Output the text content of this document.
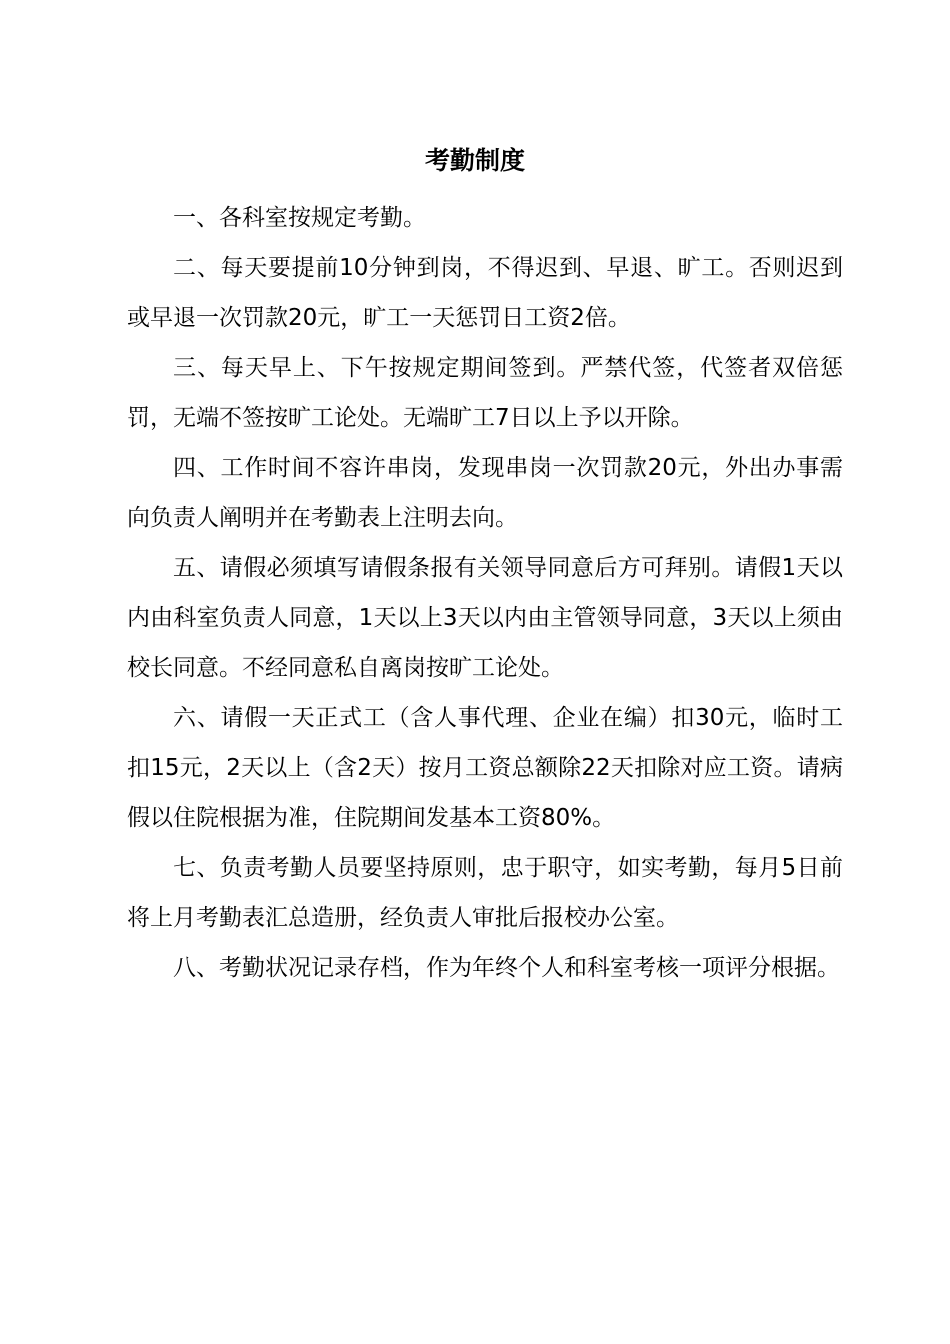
考勤制度

一、各科室按规定考勤。

二、每天要提前10分钟到岗，不得迟到、早退、旷工。否则迟到或早退一次罚款20元，旷工一天惩罚日工资2倍。

三、每天早上、下午按规定期间签到。严禁代签，代签者双倍惩罚，无端不签按旷工论处。无端旷工7日以上予以开除。

四、工作时间不容许串岗，发现串岗一次罚款20元，外出办事需向负责人阐明并在考勤表上注明去向。

五、请假必须填写请假条报有关领导同意后方可拜别。请假1天以内由科室负责人同意，1天以上3天以内由主管领导同意，3天以上须由校长同意。不经同意私自离岗按旷工论处。

六、请假一天正式工（含人事代理、企业在编）扣30元，临时工扣15元，2天以上（含2天）按月工资总额除22天扣除对应工资。请病假以住院根据为准，住院期间发基本工资80%。

七、负责考勤人员要坚持原则，忠于职守，如实考勤，每月5日前将上月考勤表汇总造册，经负责人审批后报校办公室。

八、考勤状况记录存档，作为年终个人和科室考核一项评分根据。
